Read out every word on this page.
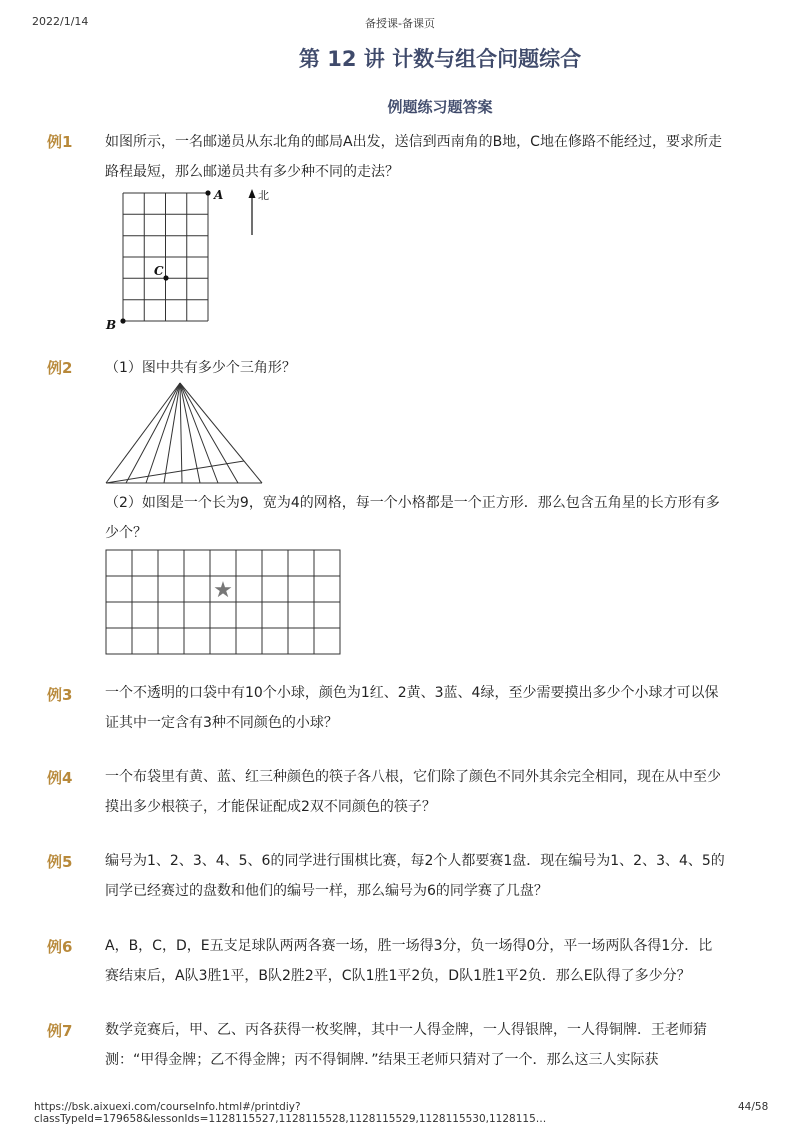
2022/1/14	备授课-备课页
第 12 讲 计数与组合问题综合
例题练习题答案
例1 如图所示，一名邮递员从东北角的邮局A出发，送信到西南角的B地，C地在修路不能经过，要求所走路程最短，那么邮递员共有多少种不同的走法？
A
C
B
北
例2 （1）图中共有多少个三角形？
（2）如图是一个长为9，宽为4的网格，每一个小格都是一个正方形．那么包含五角星的长方形有多少个？
★
例3 一个不透明的口袋中有10个小球，颜色为1红、2黄、3蓝、4绿，至少需要摸出多少个小球才可以保证其中一定含有3种不同颜色的小球？
例4 一个布袋里有黄、蓝、红三种颜色的筷子各八根，它们除了颜色不同外其余完全相同，现在从中至少摸出多少根筷子，才能保证配成2双不同颜色的筷子？
例5 编号为1、2、3、4、5、6的同学进行围棋比赛，每2个人都要赛1盘．现在编号为1、2、3、4、5的同学已经赛过的盘数和他们的编号一样，那么编号为6的同学赛了几盘？
例6 A，B，C，D，E五支足球队两两各赛一场，胜一场得3分，负一场得0分，平一场两队各得1分．比赛结束后，A队3胜1平，B队2胜2平，C队1胜1平2负，D队1胜1平2负．那么E队得了多少分？
例7 数学竞赛后，甲、乙、丙各获得一枚奖牌，其中一人得金牌，一人得银牌，一人得铜牌．王老师猜测：“甲得金牌；乙不得金牌；丙不得铜牌．”结果王老师只猜对了一个．那么这三人实际获
https://bsk.aixuexi.com/courseInfo.html#/printdiy?classTypeId=179658&lessonIds=1128115527,1128115528,1128115529,1128115530,1128115…
44/58
